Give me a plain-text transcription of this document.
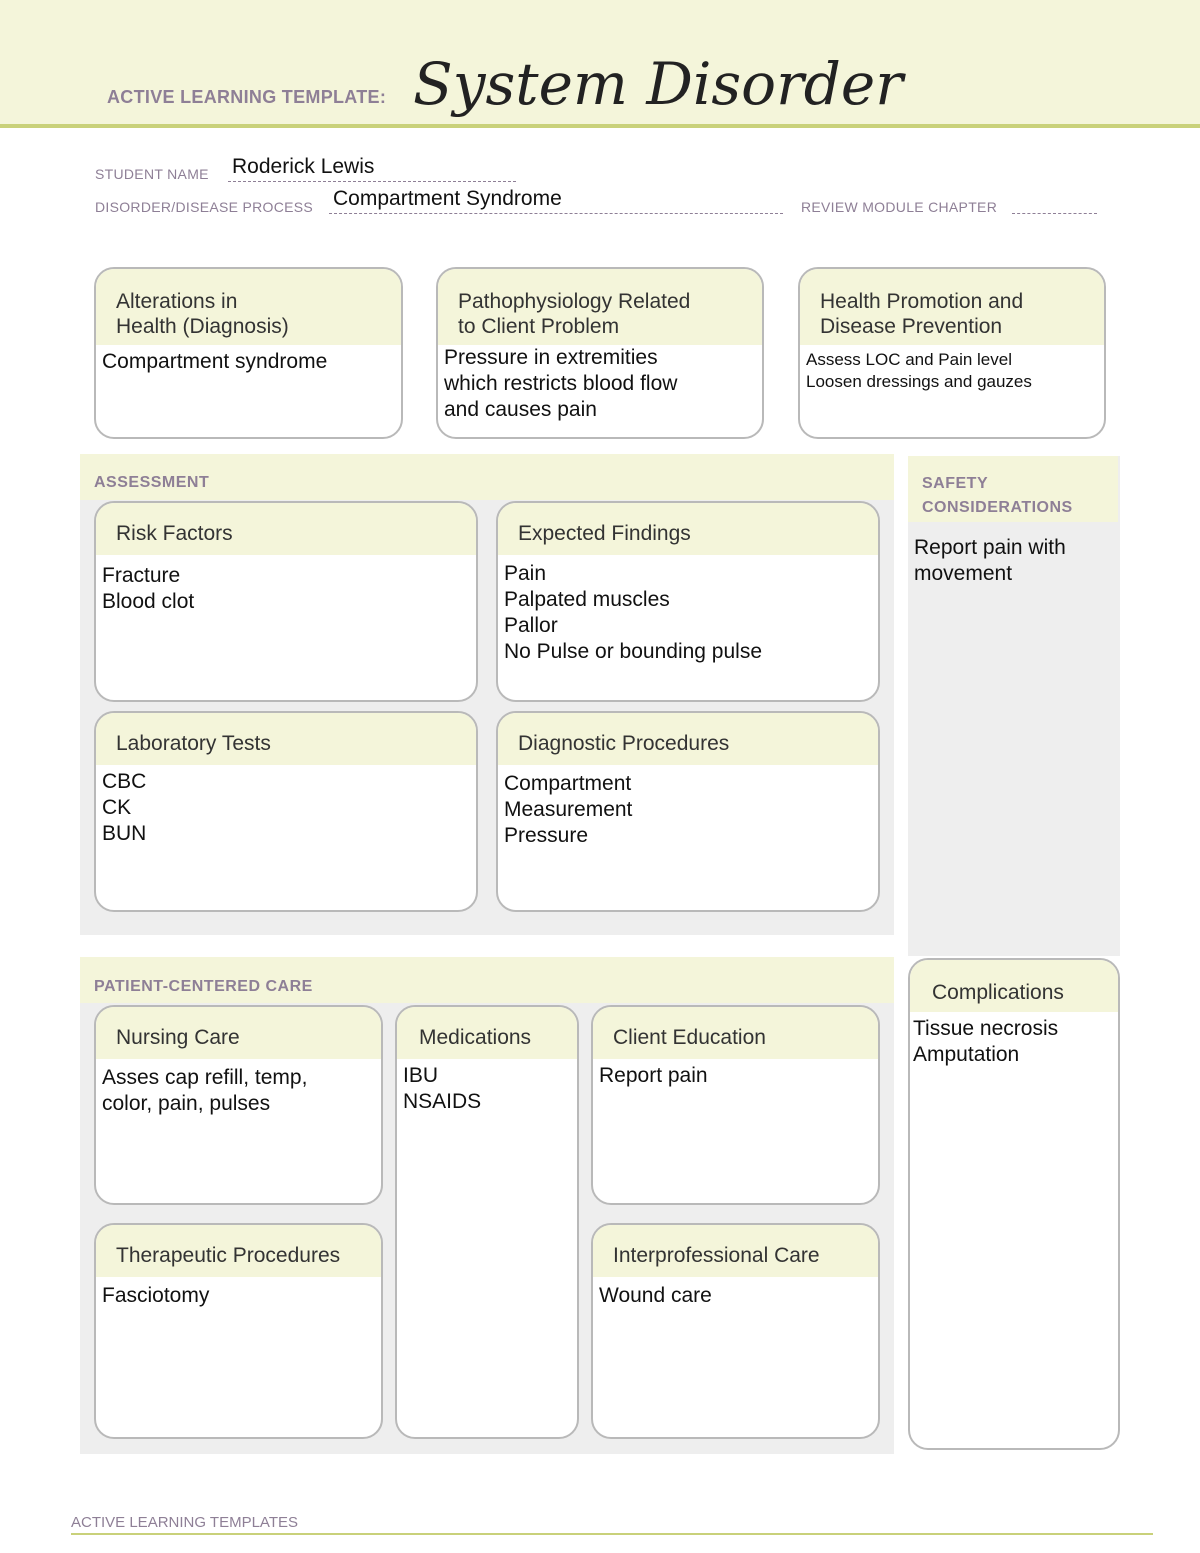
ACTIVE LEARNING TEMPLATE: System Disorder
STUDENT NAME Roderick Lewis
DISORDER/DISEASE PROCESS Compartment Syndrome	REVIEW MODULE CHAPTER
Alterations in
Health (Diagnosis)
Compartment syndrome
Pathophysiology Related
to Client Problem
Pressure in extremities
which restricts blood flow
and causes pain
Health Promotion and
Disease Prevention
Assess LOC and Pain level
Loosen dressings and gauzes
ASSESSMENT
Risk Factors
Fracture
Blood clot
Expected Findings
Pain
Palpated muscles
Pallor
No Pulse or bounding pulse
Laboratory Tests
CBC
CK
BUN
Diagnostic Procedures
Compartment
Measurement
Pressure
SAFETY
CONSIDERATIONS
Report pain with
movement
Complications
Tissue necrosis
Amputation
PATIENT-CENTERED CARE
Nursing Care
Asses cap refill, temp,
color, pain, pulses
Medications
IBU
NSAIDS
Client Education
Report pain
Therapeutic Procedures
Fasciotomy
Interprofessional Care
Wound care
ACTIVE LEARNING TEMPLATES
